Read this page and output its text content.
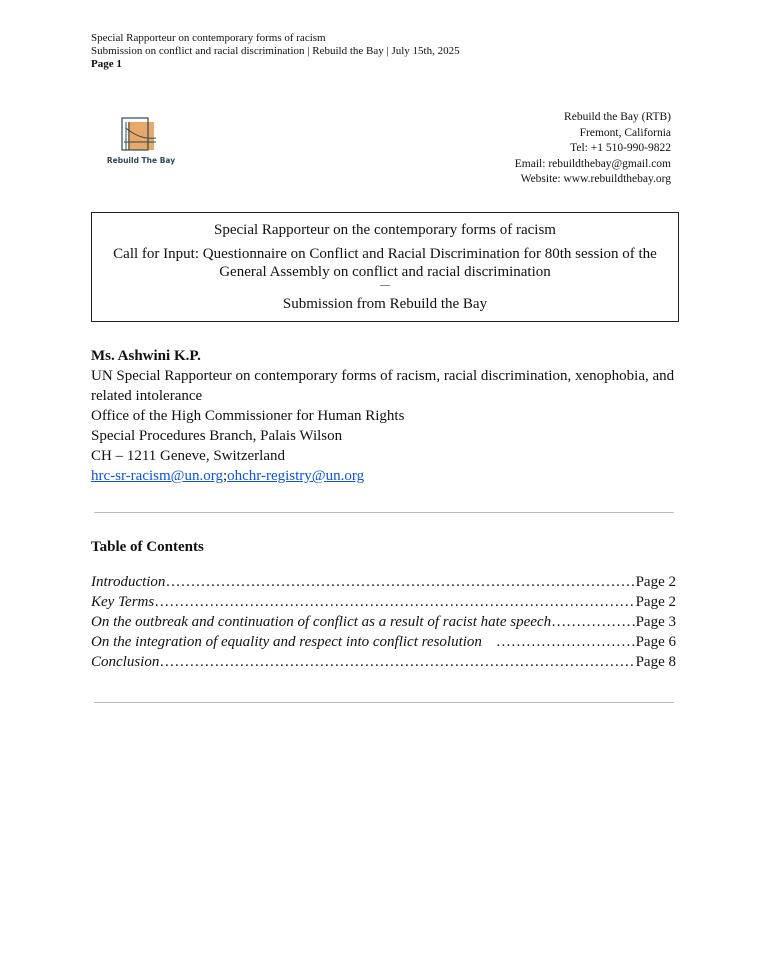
Special Rapporteur on contemporary forms of racism
Submission on conflict and racial discrimination | Rebuild the Bay | July 15th, 2025
Page 1
Rebuild The Bay
Rebuild the Bay (RTB)
Fremont, California
Tel: +1 510-990-9822
Email: rebuildthebay@gmail.com
Website: www.rebuildthebay.org
Special Rapporteur on the contemporary forms of racism
Call for Input: Questionnaire on Conflict and Racial Discrimination for 80th session of the General Assembly on conflict and racial discrimination
—
Submission from Rebuild the Bay
Ms. Ashwini K.P.
UN Special Rapporteur on contemporary forms of racism, racial discrimination, xenophobia, and related intolerance
Office of the High Commissioner for Human Rights
Special Procedures Branch, Palais Wilson
CH – 1211 Geneve, Switzerland
hrc-sr-racism@un.org;ohchr-registry@un.org
Table of Contents
Introduction ………………………………………………………………………………………………………………………………………………	Page 2
Key Terms ………………………………………………………………………………………………………………………………………………	Page 2
On the outbreak and continuation of conflict as a result of racist hate speech ………………………………………………………………………………………………………………………………………………	Page 3
On the integration of equality and respect into conflict resolution ………………………………………………………………………………………………………………………………………………	Page 6
Conclusion ………………………………………………………………………………………………………………………………………………	Page 8
